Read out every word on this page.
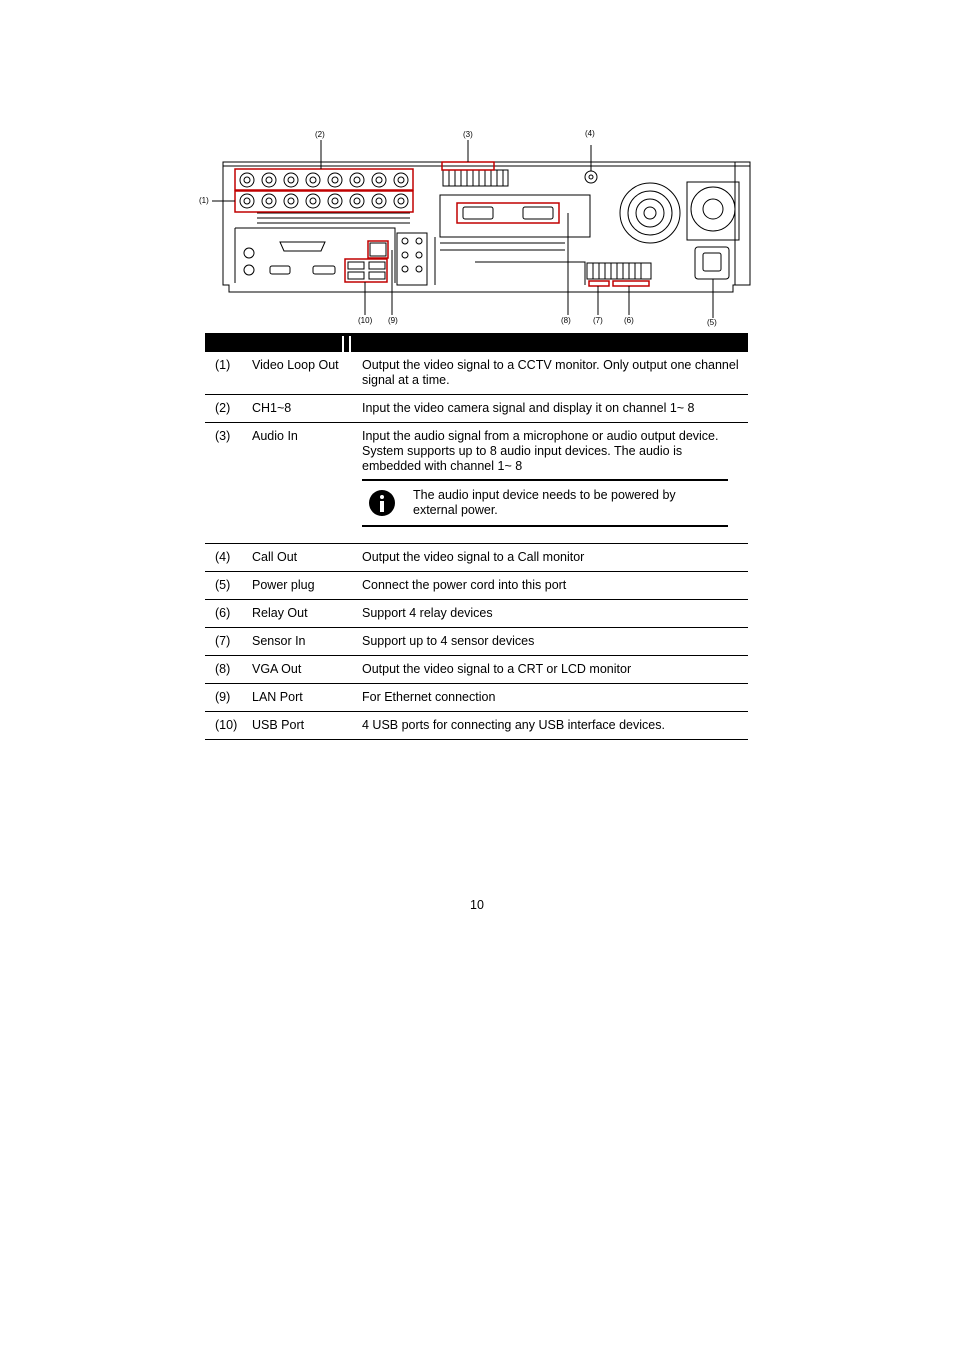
(2)	(3)	(4)
(1)
(10) (9)	(8)	(7)	(6)	(5)

(1)	Video Loop Out	Output the video signal to a CCTV monitor. Only output one channel signal at a time.
(2)	CH1~8	Input the video camera signal and display it on channel 1~ 8
(3)	Audio In	Input the audio signal from a microphone or audio output device. System supports up to 8 audio input devices. The audio is embedded with channel 1~ 8
The audio input device needs to be powered by external power.

(4)	Call Out	Output the video signal to a Call monitor
(5)	Power plug	Connect the power cord into this port
(6)	Relay Out	Support 4 relay devices
(7)	Sensor In	Support up to 4 sensor devices
(8)	VGA Out	Output the video signal to a CRT or LCD monitor
(9)	LAN Port	For Ethernet connection
(10)	USB Port	4 USB ports for connecting any USB interface devices.
10
